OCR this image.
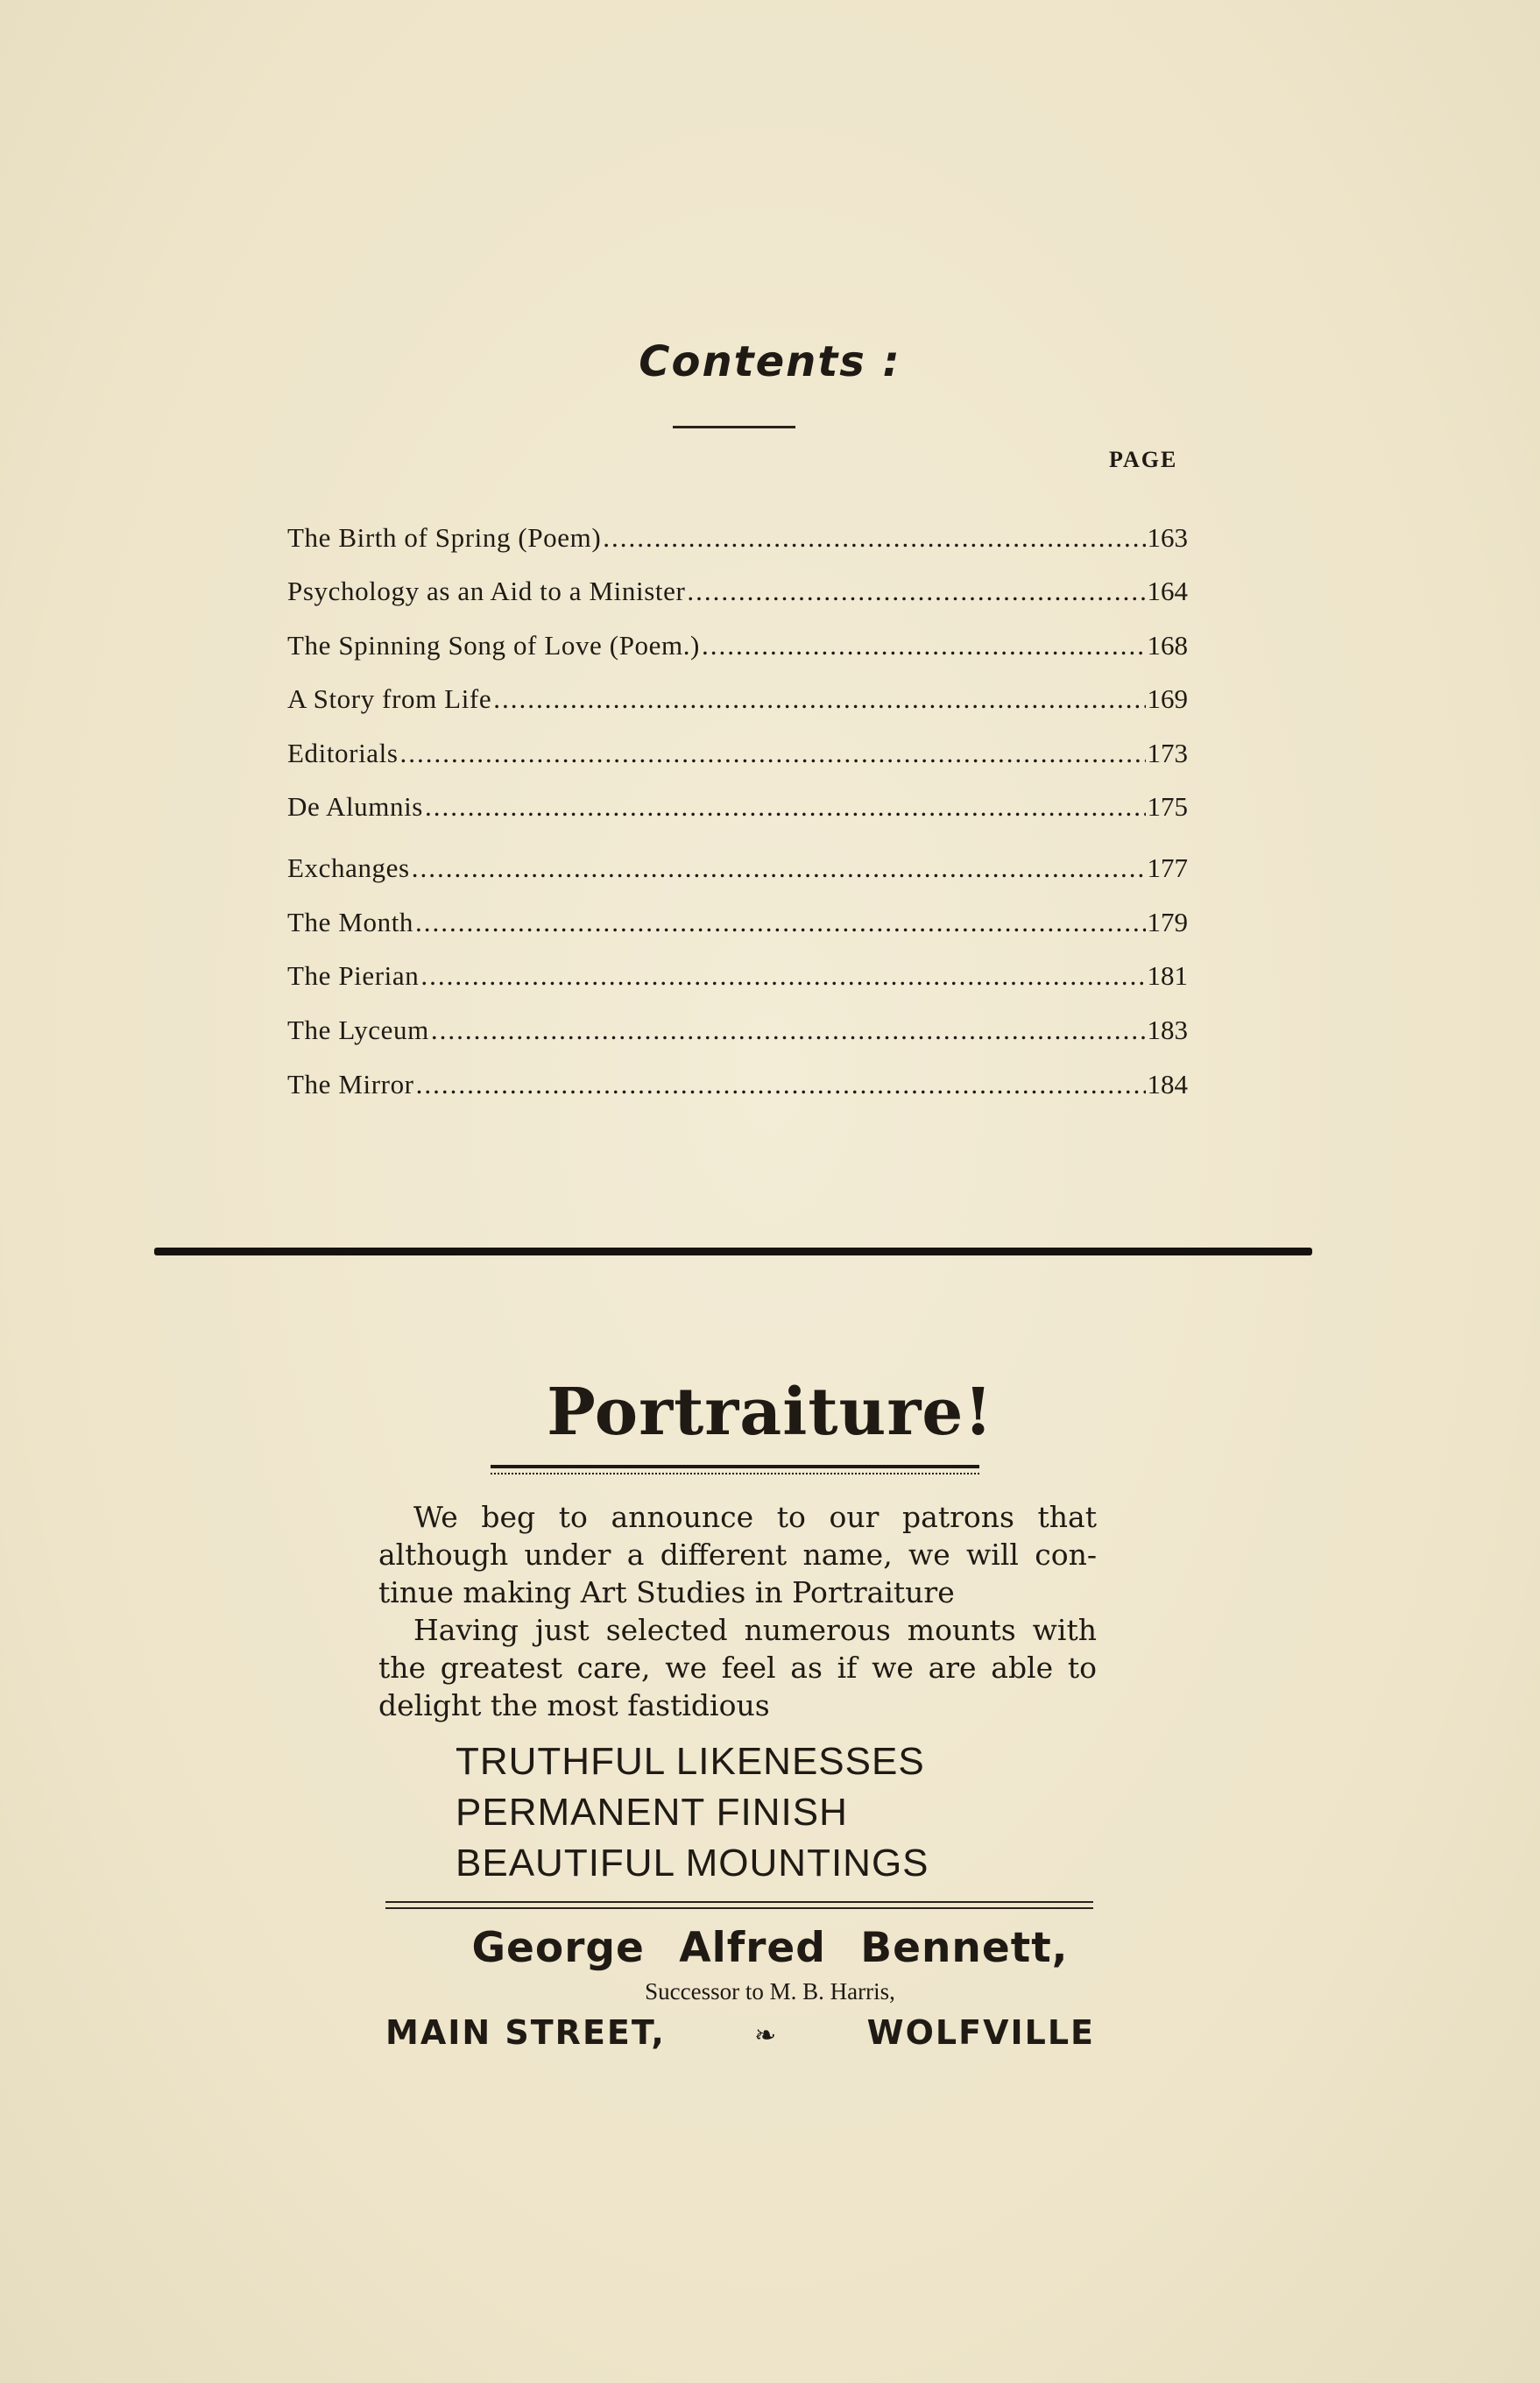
Contents :
PAGE
The Birth of Spring (Poem) .....	163
Psychology as an Aid to a Minister .....	164
The Spinning Song of Love (Poem.) .....	168
A Story from Life .....	169
Editorials .....	173
De Alumnis .....	175
Exchanges .....	177
The Month .....	179
The Pierian .....	181
The Lyceum .....	183
The Mirror .....	184
Portraiture!
We beg to announce to our patrons that
although under a different name, we will con-
tinue making Art Studies in Portraiture
Having just selected numerous mounts with
the greatest care, we feel as if we are able to
delight the most fastidious
TRUTHFUL LIKENESSES
PERMANENT FINISH
BEAUTIFUL MOUNTINGS
George Alfred Bennett,
Successor to M. B. Harris,
MAIN STREET,	❧	WOLFVILLE
